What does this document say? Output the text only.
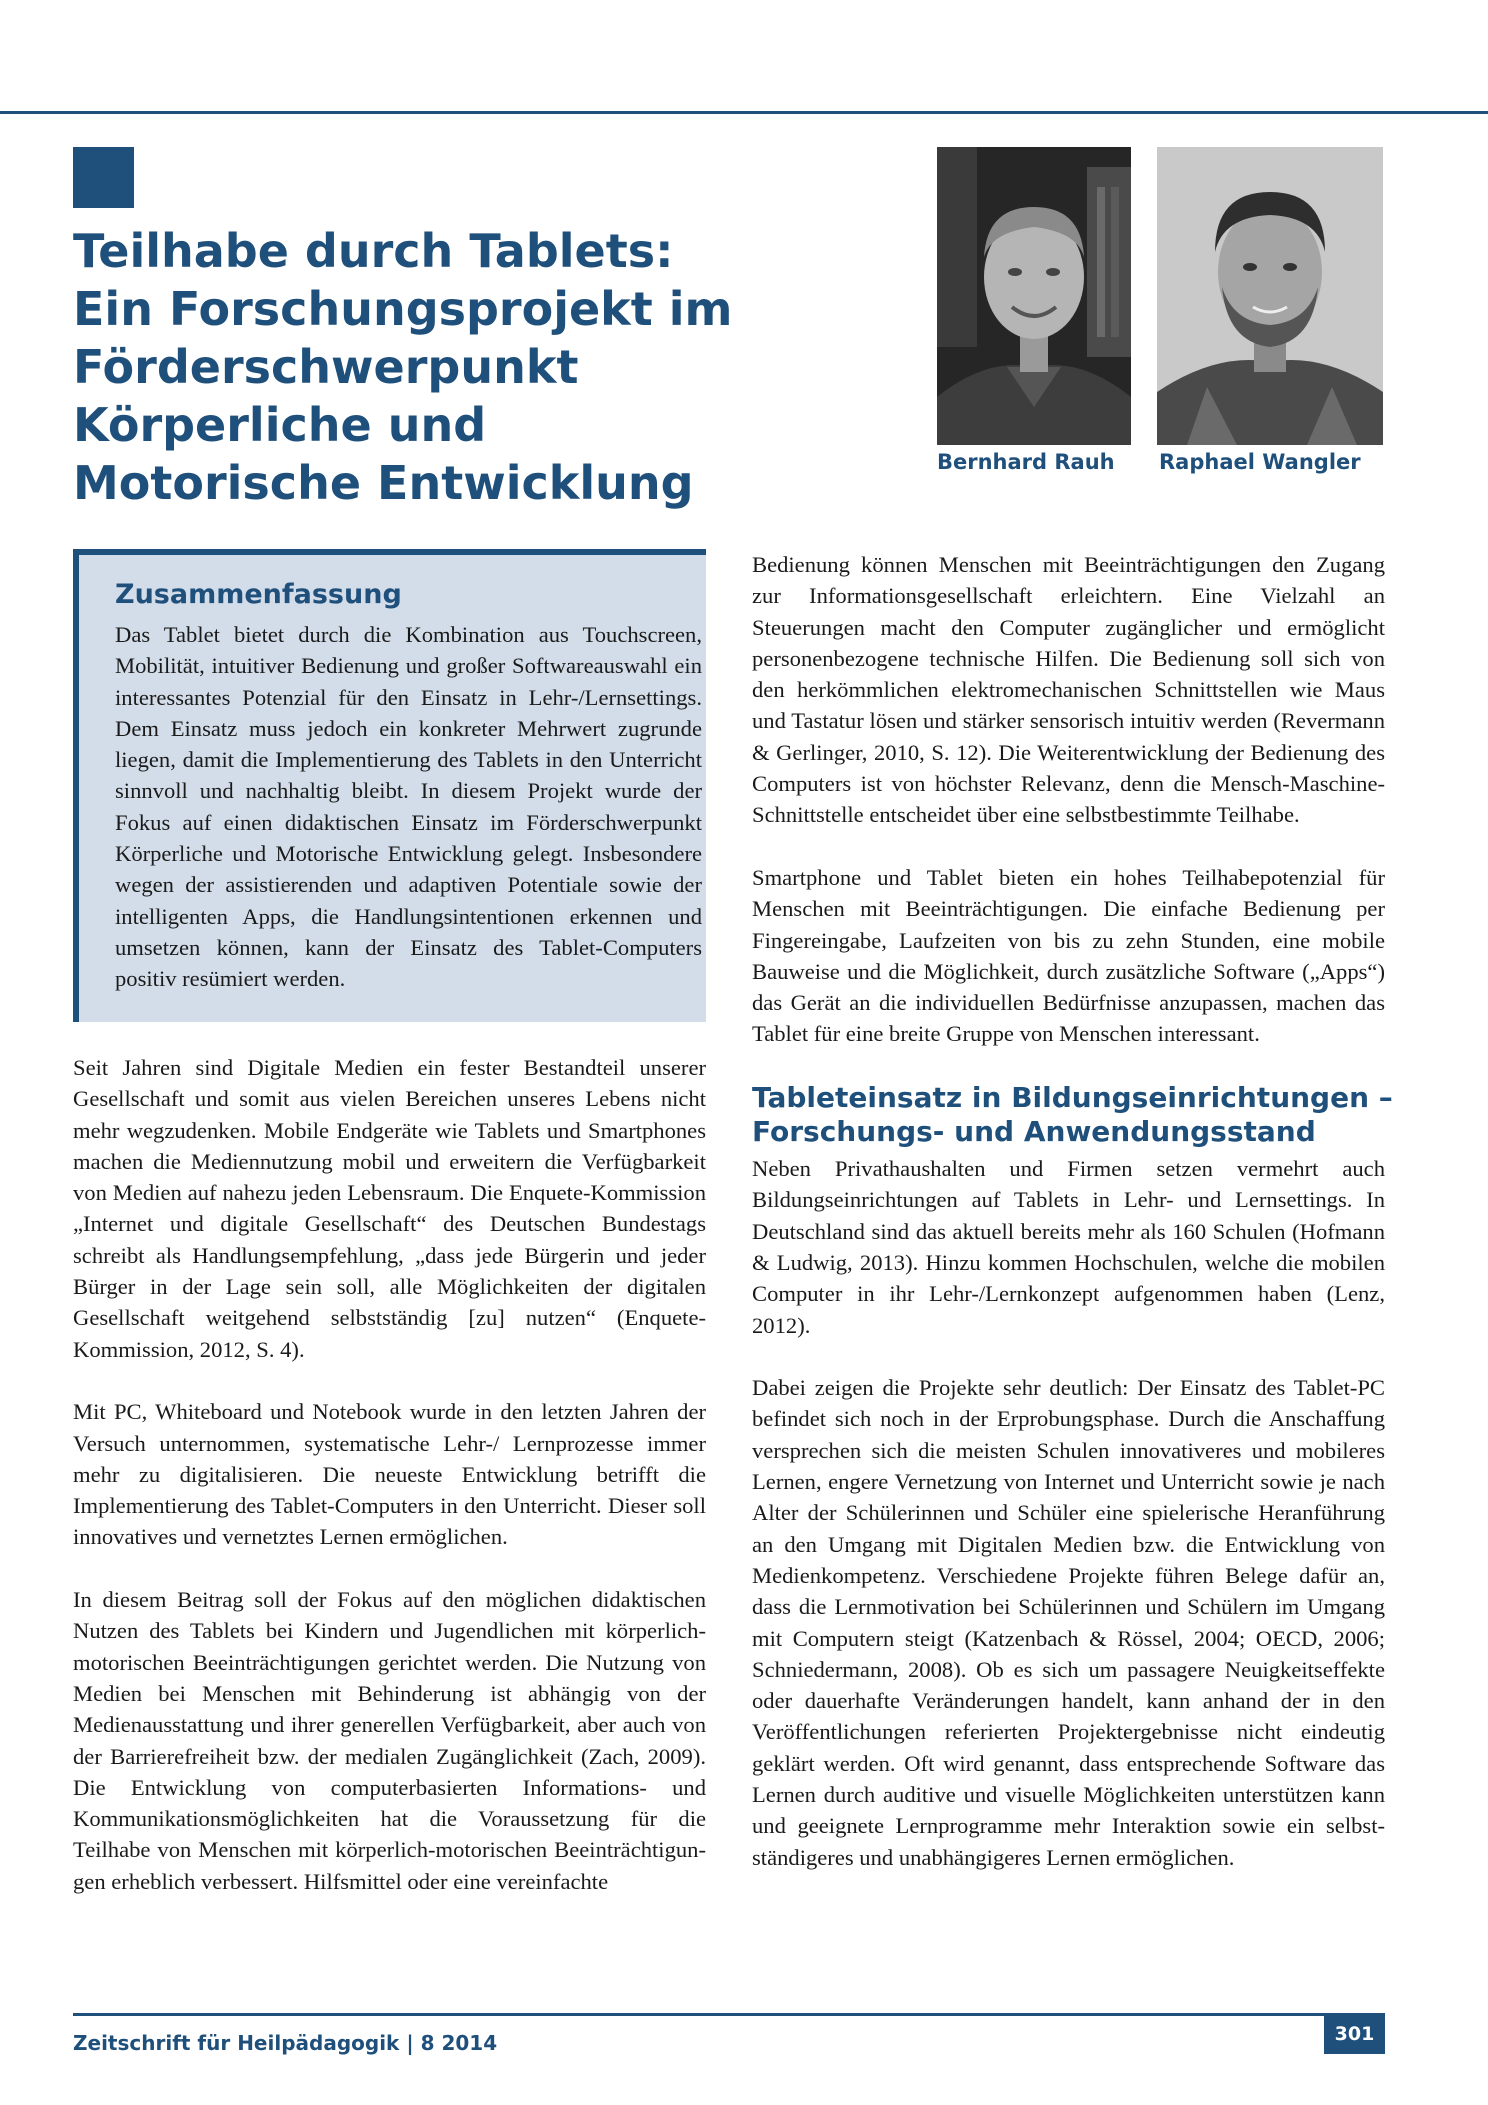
Teilhabe durch Tablets:
Ein Forschungsprojekt im
Förderschwerpunkt
Körperliche und
Motorische Entwicklung	Bernhard Rauh Raphael Wangler
Zusammenfassung

Das Tablet bietet durch die Kombination aus Touchscreen, Mobilität, intuitiver Bedienung und großer Softwareauswahl ein interessantes Potenzial für den Einsatz in Lehr-/Lernsettings. Dem Einsatz muss jedoch ein konkreter Mehrwert zugrunde liegen, damit die Implementierung des Tablets in den Unterricht sinnvoll und nachhaltig bleibt. In diesem Projekt wurde der Fokus auf einen didaktischen Einsatz im Förderschwerpunkt Körperliche und Motorische Entwicklung gelegt. Insbesondere wegen der assistierenden und adaptiven Potentiale sowie der intelligenten Apps, die Handlungsintentionen erkennen und umsetzen können, kann der Einsatz des Tablet-Computers positiv resümiert werden.

Seit Jahren sind Digitale Medien ein fester Bestandteil unserer Gesellschaft und somit aus vielen Bereichen unseres Lebens nicht mehr wegzudenken. Mobile Endgeräte wie Tablets und Smartphones machen die Mediennutzung mobil und erweitern die Verfügbarkeit von Medien auf nahezu jeden Lebensraum. Die Enquete-Kommission „Internet und digitale Gesellschaft“ des Deutschen Bundestags schreibt als Handlungsempfehlung, „dass jede Bürgerin und jeder Bürger in der Lage sein soll, alle Möglichkeiten der digitalen Gesellschaft weitgehend selbstständig [zu] nutzen“ (Enquete-Kommission, 2012, S. 4).

Mit PC, Whiteboard und Notebook wurde in den letzten Jahren der Versuch unternommen, systematische Lehr-/ Lernprozesse immer mehr zu digitalisieren. Die neueste Entwicklung betrifft die Implementierung des Tablet-Computers in den Unterricht. Dieser soll innovatives und vernetztes Lernen ermöglichen.

In diesem Beitrag soll der Fokus auf den möglichen didaktischen Nutzen des Tablets bei Kindern und Jugendlichen mit körperlich-motorischen Beeinträchtigungen gerichtet werden. Die Nutzung von Medien bei Menschen mit Behinderung ist abhängig von der Medienausstattung und ihrer generellen Verfügbarkeit, aber auch von der Barrierefreiheit bzw. der medialen Zugänglichkeit (Zach, 2009). Die Entwicklung von computerbasierten Informations- und Kommunikationsmöglichkeiten hat die Voraussetzung für die Teilhabe von Menschen mit körperlich-motorischen Beeinträchtigungen erheblich verbessert. Hilfsmittel oder eine vereinfachte

Bedienung können Menschen mit Beeinträchtigungen den Zugang zur Informationsgesellschaft erleichtern. Eine Vielzahl an Steuerungen macht den Computer zugänglicher und ermöglicht personenbezogene technische Hilfen. Die Bedienung soll sich von den herkömmlichen elektromechanischen Schnittstellen wie Maus und Tastatur lösen und stärker sensorisch intuitiv werden (Revermann & Gerlinger, 2010, S. 12). Die Weiterentwicklung der Bedienung des Computers ist von höchster Relevanz, denn die Mensch-Maschine-Schnittstelle entscheidet über eine selbstbestimmte Teilhabe.

Smartphone und Tablet bieten ein hohes Teilhabepotenzial für Menschen mit Beeinträchtigungen. Die einfache Bedienung per Fingereingabe, Laufzeiten von bis zu zehn Stunden, eine mobile Bauweise und die Möglichkeit, durch zusätzliche Software („Apps“) das Gerät an die individuellen Bedürfnisse anzupassen, machen das Tablet für eine breite Gruppe von Menschen interessant.

Tableteinsatz in Bildungseinrichtungen –
Forschungs- und Anwendungsstand

Neben Privathaushalten und Firmen setzen vermehrt auch Bildungseinrichtungen auf Tablets in Lehr- und Lernsettings. In Deutschland sind das aktuell bereits mehr als 160 Schulen (Hofmann & Ludwig, 2013). Hinzu kommen Hochschulen, welche die mobilen Computer in ihr Lehr-/Lernkonzept aufgenommen haben (Lenz, 2012).

Dabei zeigen die Projekte sehr deutlich: Der Einsatz des Tablet-PC befindet sich noch in der Erprobungsphase. Durch die Anschaffung versprechen sich die meisten Schulen innovativeres und mobileres Lernen, engere Vernetzung von Internet und Unterricht sowie je nach Alter der Schülerinnen und Schüler eine spielerische Heranführung an den Umgang mit Digitalen Medien bzw. die Entwicklung von Medienkompetenz. Verschiedene Projekte führen Belege dafür an, dass die Lernmotivation bei Schülerinnen und Schülern im Umgang mit Computern steigt (Katzenbach & Rössel, 2004; OECD, 2006; Schniedermann, 2008). Ob es sich um passagere Neuigkeitseffekte oder dauerhafte Veränderungen handelt, kann anhand der in den Veröffentlichungen referierten Projektergebnisse nicht eindeutig geklärt werden. Oft wird genannt, dass entsprechende Software das Lernen durch auditive und visuelle Möglichkeiten unterstützen kann und geeignete Lernprogramme mehr Interaktion sowie ein selbstständigeres und unabhängigeres Lernen ermöglichen.

Zeitschrift für Heilpädagogik | 8 2014	301
